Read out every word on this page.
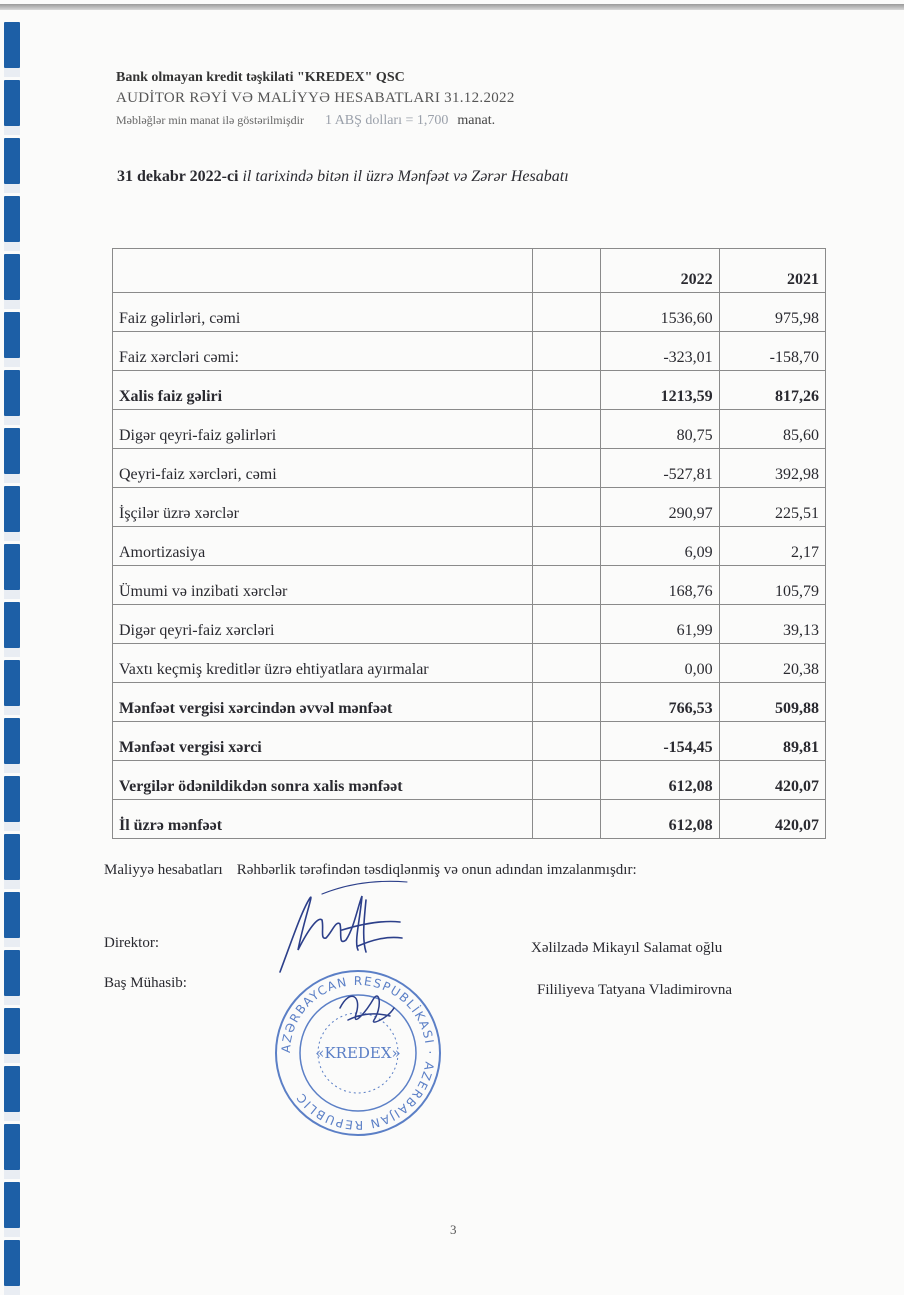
Bank olmayan kredit təşkilati "KREDEX" QSC
AUDİTOR RƏYİ VƏ MALİYYƏ HESABATLARI 31.12.2022
Məbləğlər min manat ilə göstərilmişdir 1 ABŞ dolları = 1,700 manat.
31 dekabr 2022-ci il tarixində bitən il üzrə Mənfəət və Zərər Hesabatı
		2022	2021
Faiz gəlirləri, cəmi		1536,60	975,98
Faiz xərcləri cəmi:		-323,01	-158,70
Xalis faiz gəliri		1213,59	817,26
Digər qeyri-faiz gəlirləri		80,75	85,60
Qeyri-faiz xərcləri, cəmi		-527,81	392,98
İşçilər üzrə xərclər		290,97	225,51
Amortizasiya		6,09	2,17
Ümumi və inzibati xərclər		168,76	105,79
Digər qeyri-faiz xərcləri		61,99	39,13
Vaxtı keçmiş kreditlər üzrə ehtiyatlara ayırmalar		0,00	20,38
Mənfəət vergisi xərcindən əvvəl mənfəət		766,53	509,88
Mənfəət vergisi xərci		-154,45	89,81
Vergilər ödənildikdən sonra xalis mənfəət		612,08	420,07
İl üzrə mənfəət		612,08	420,07
Maliyyə hesabatları Rəhbərlik tərəfindən təsdiqlənmiş və onun adından imzalanmışdır:
Direktor:
Baş Mühasib:
Xəlilzadə Mikayıl Salamat oğlu
Fililiyeva Tatyana Vladimirovna
AZƏRBAYCAN RESPUBLİKASI · AZERBAIJAN REPUBLIC
«KREDEX»
3
